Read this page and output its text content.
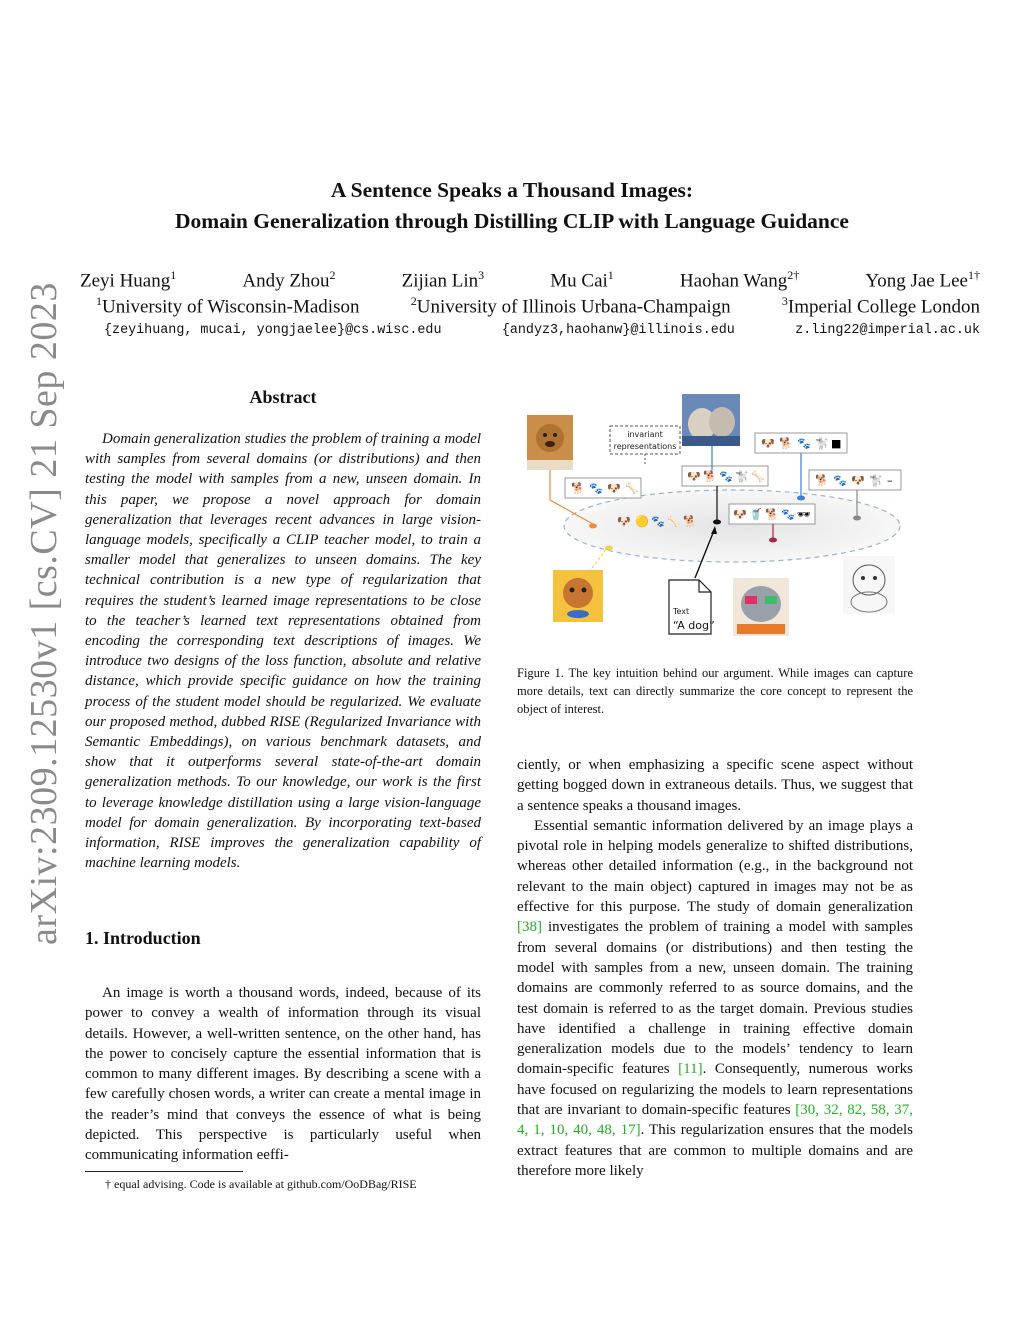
arXiv:2309.12530v1 [cs.CV] 21 Sep 2023
A Sentence Speaks a Thousand Images:
Domain Generalization through Distilling CLIP with Language Guidance
Zeyi Huang$^1$	Andy Zhou$^2$	Zijian Lin$^3$	Mu Cai$^1$	Haohan Wang$^{2\dagger}$	Yong Jae Lee$^{1\dagger}$
$^1$University of Wisconsin-Madison	$^2$University of Illinois Urbana-Champaign	$^3$Imperial College London
{zeyihuang, mucai, yongjaelee}@cs.wisc.edu	{andyz3,haohanw}@illinois.edu	z.ling22@imperial.ac.uk
Abstract

Domain generalization studies the problem of training a model with samples from several domains (or distributions) and then testing the model with samples from a new, unseen domain. In this paper, we propose a novel approach for domain generalization that leverages recent advances in large vision-language models, specifically a CLIP teacher model, to train a smaller model that generalizes to unseen domains. The key technical contribution is a new type of regularization that requires the student’s learned image representations to be close to the teacher’s learned text representations obtained from encoding the corresponding text descriptions of images. We introduce two designs of the loss function, absolute and relative distance, which provide specific guidance on how the training process of the student model should be regularized. We evaluate our proposed method, dubbed RISE (Regularized Invariance with Semantic Embeddings), on various benchmark datasets, and show that it outperforms several state-of-the-art domain generalization methods. To our knowledge, our work is the first to leverage knowledge distillation using a large vision-language model for domain generalization. By incorporating text-based information, RISE improves the generalization capability of machine learning models.

1. Introduction

An image is worth a thousand words, indeed, because of its power to convey a wealth of information through its visual details. However, a well-written sentence, on the other hand, has the power to concisely capture the essential information that is common to many different images. By describing a scene with a few carefully chosen words, a writer can create a mental image in the reader’s mind that conveys the essence of what is being depicted. This perspective is particularly useful when communicating information eeffi-

† equal advising. Code is available at github.com/OoDBag/RISE

invariant
representations
🐕 🐾 🐶 🦴
🐶 🐕 🐾 🐩 🦴
🐶 🐕 🐾 🐩 ■
🐕 🐾 🐶 🐩 –
🐶 🟡 🐾 🦴 🐕
🐶 🥤 🐕 🐾 🕶
Text
“A dog”

Figure 1. The key intuition behind our argument. While images can capture more details, text can directly summarize the core concept to represent the object of interest.

ciently, or when emphasizing a specific scene aspect without getting bogged down in extraneous details. Thus, we suggest that a sentence speaks a thousand images.

Essential semantic information delivered by an image plays a pivotal role in helping models generalize to shifted distributions, whereas other detailed information (e.g., in the background not relevant to the main object) captured in images may not be as effective for this purpose. The study of domain generalization [38] investigates the problem of training a model with samples from several domains (or distributions) and then testing the model with samples from a new, unseen domain. The training domains are commonly referred to as source domains, and the test domain is referred to as the target domain. Previous studies have identified a challenge in training effective domain generalization models due to the models’ tendency to learn domain-specific features [11]. Consequently, numerous works have focused on regularizing the models to learn representations that are invariant to domain-specific features [30, 32, 82, 58, 37, 4, 1, 10, 40, 48, 17]. This regularization ensures that the models extract features that are common to multiple domains and are therefore more likely
